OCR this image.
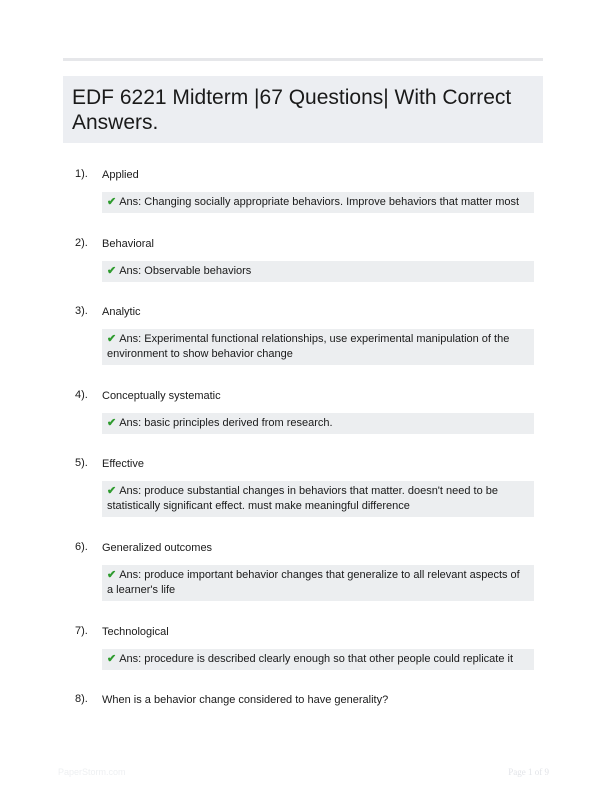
EDF 6221 Midterm |67 Questions| With Correct Answers.
1). Applied
✔ Ans: Changing socially appropriate behaviors. Improve behaviors that matter most
2). Behavioral
✔ Ans: Observable behaviors
3). Analytic
✔ Ans: Experimental functional relationships, use experimental manipulation of the environment to show behavior change
4). Conceptually systematic
✔ Ans: basic principles derived from research.
5). Effective
✔ Ans: produce substantial changes in behaviors that matter. doesn't need to be statistically significant effect. must make meaningful difference
6). Generalized outcomes
✔ Ans: produce important behavior changes that generalize to all relevant aspects of a learner's life
7). Technological
✔ Ans: procedure is described clearly enough so that other people could replicate it
8). When is a behavior change considered to have generality?
PaperStorm.com	Page 1 of 9
